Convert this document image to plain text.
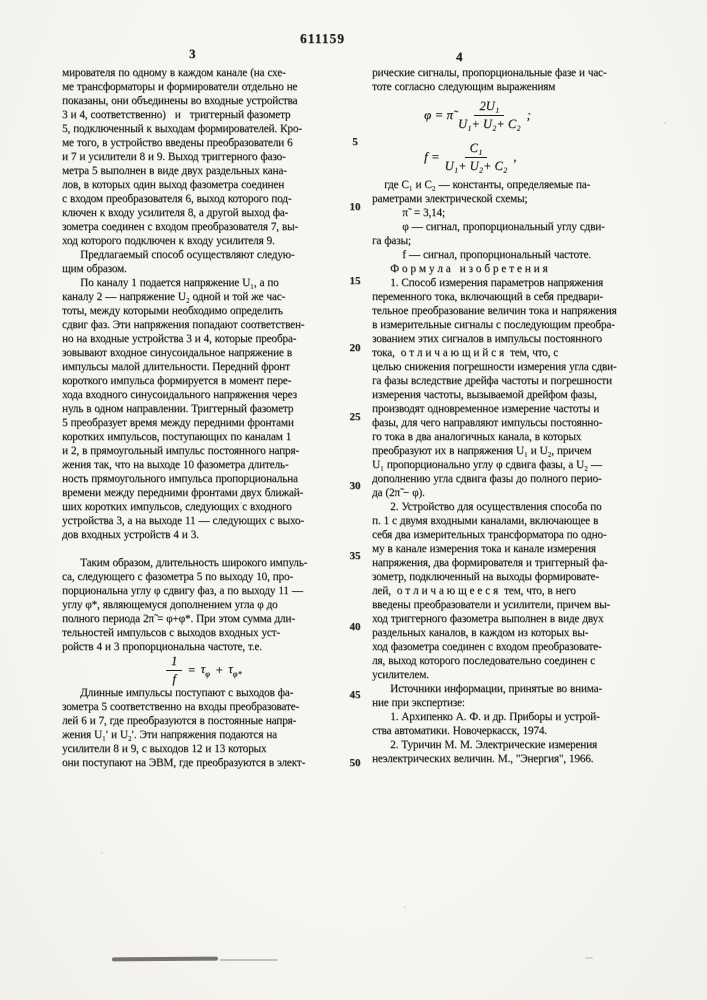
3
611159
4
мирователя по одному в каждом канале (на схе-
ме трансформаторы и формирователи отдельно не
показаны, они объединены во входные устройства
3 и 4, соответственно)   и   триггерный фазометр
5, подключенный к выходам формирователей. Кро-
ме того, в устройство введены преобразователи 6
и 7 и усилители 8 и 9. Выход триггерного фазо-
метра 5 выполнен в виде двух раздельных кана-
лов, в которых один выход фазометра соединен
с входом преобразователя 6, выход которого под-
ключен к входу усилителя 8, а другой выход фа-
зометра соединен с входом преобразователя 7, вы-
ход которого подключен к входу усилителя 9.
Предлагаемый способ осуществляют следую-
щим образом.
По каналу 1 подается напряжение U₁, а по
каналу 2 — напряжение U₂ одной и той же час-
тоты, между которыми необходимо определить
сдвиг фаз. Эти напряжения попадают соответствен-
но на входные устройства 3 и 4, которые преобра-
зовывают входное синусоидальное напряжение в
импульсы малой длительности. Передний фронт
короткого импульса формируется в момент пере-
хода входного синусоидального напряжения через
нуль в одном направлении. Триггерный фазометр
5 преобразует время между передними фронтами
коротких импульсов, поступающих по каналам 1
и 2, в прямоугольный импульс постоянного напря-
жения так, что на выходе 10 фазометра длитель-
ность прямоугольного импульса пропорциональна
времени между передними фронтами двух ближай-
ших коротких импульсов, следующих с входного
устройства 3, а на выходе 11 — следующих с выхо-
дов входных устройств 4 и 3.

Таким образом, длительность широкого импуль-
са, следующего с фазометра 5 по выходу 10, про-
порциональна углу φ сдвигу фаз, а по выходу 11 —
углу φ*, являющемуся дополнением угла φ до
полного периода 2π̃ = φ+φ*. При этом сумма дли-
тельностей импульсов с выходов входных уст-
ройств 4 и 3 пропорциональна частоте, т.е.
$\frac{1}{f} = \tau_\varphi + \tau_{\varphi*}$
Длинные импульсы поступают с выходов фа-
зометра 5 соответственно на входы преобразовате-
лей 6 и 7, где преобразуются в постоянные напря-
жения U₁′ и U₂′. Эти напряжения подаются на
усилители 8 и 9, с выходов 12 и 13 которых
они поступают на ЭВМ, где преобразуются в элект-
рические сигналы, пропорциональные фазе и час-
тоте согласно следующим выражениям
φ = π̃ $\frac{\text{2U₁}}{\text{U₁+ U₂+ C₂}}$ ;
$f = \frac{\text{C₁}}{\text{U₁+ U₂+ C₂}}$ ,
где C₁ и C₂ — константы, определяемые па-
раметрами электрической схемы;
π̃  = 3,14;
φ — сигнал, пропорциональный углу сдви-
га фазы;
f — сигнал, пропорциональный частоте.
Ф о р м у л а   и з о б р е т е н и я
1. Способ измерения параметров напряжения
переменного тока, включающий в себя предвари-
тельное преобразование величин тока и напряжения
в измерительные сигналы с последующим преобра-
зованием этих сигналов в импульсы постоянного
тока,  о т л и ч а ю щ и й с я  тем, что, с
целью снижения погрешности измерения угла сдви-
га фазы вследствие дрейфа частоты и погрешности
измерения частоты, вызываемой дрейфом фазы,
производят одновременное измерение частоты и
фазы, для чего направляют импульсы постоянно-
го тока в два аналогичных канала, в которых
преобразуют их в напряжения U₁ и U₂, причем
U₁ пропорционально углу φ сдвига фазы, а U₂ —
дополнению угла сдвига фазы до полного перио-
да (2π̃ − φ).
2. Устройство для осуществления способа по
п. 1 с двумя входными каналами, включающее в
себя два измерительных трансформатора по одно-
му в канале измерения тока и канале измерения
напряжения, два формирователя и триггерный фа-
зометр, подключенный на выходы формировате-
лей,  о т л и ч а ю щ е е с я  тем, что, в него
введены преобразователи и усилители, причем вы-
ход триггерного фазометра выполнен в виде двух
раздельных каналов, в каждом из которых вы-
ход фазометра соединен с входом преобразовате-
ля, выход которого последовательно соединен с
усилителем.
Источники информации, принятые во внима-
ние при экспертизе:
1. Архипенко А. Ф. и др. Приборы и устрой-
ства автоматики. Новочеркасск, 1974.
2. Туричин М. М. Электрические измерения
неэлектрических величин. М., "Энергия", 1966.
5
10
15
20
25
30
35
40
45
50
